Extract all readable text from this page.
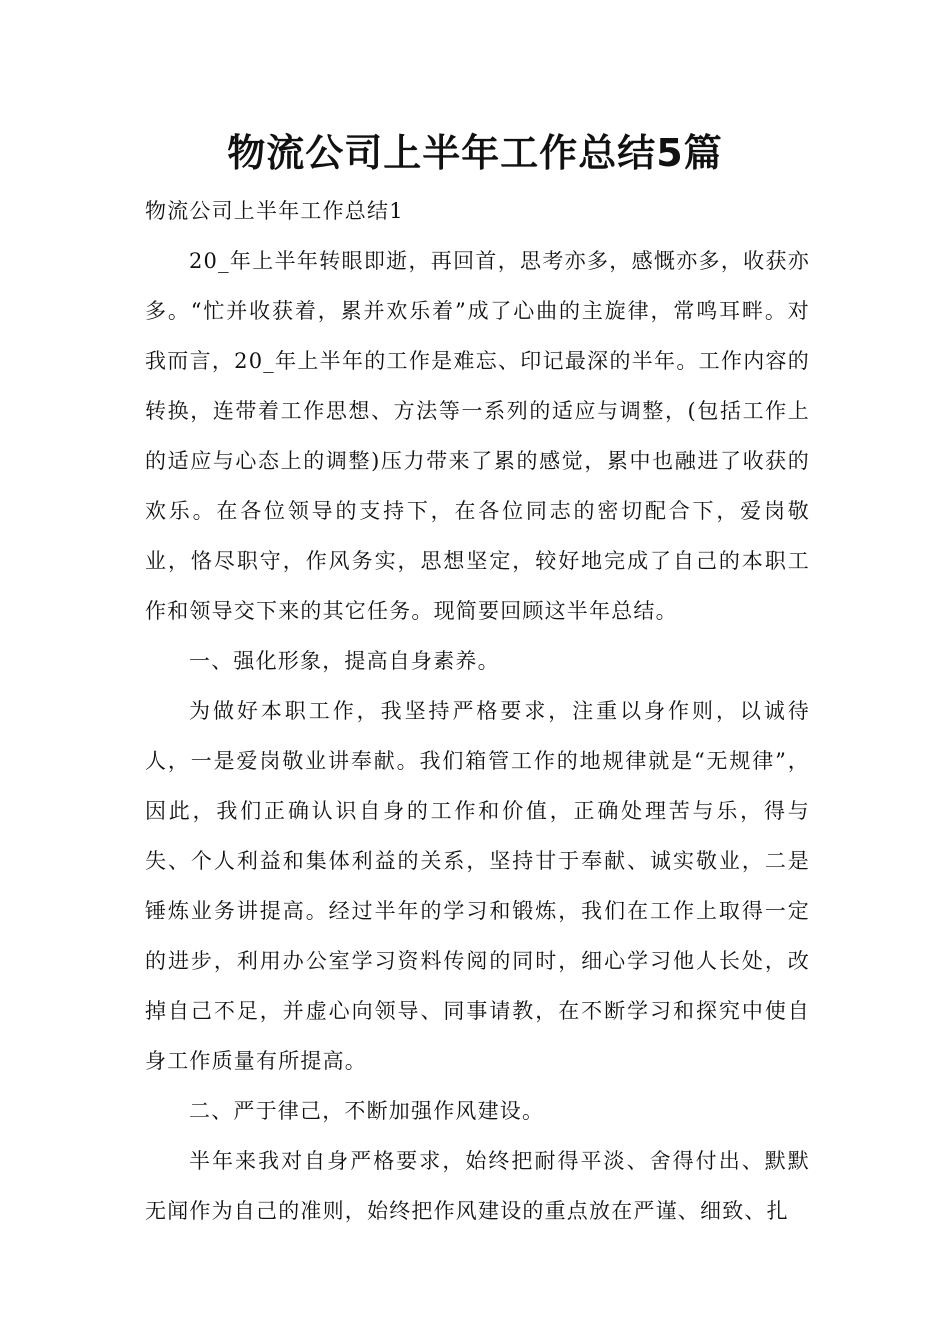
物流公司上半年工作总结5篇

物流公司上半年工作总结1

20_年上半年转眼即逝，再回首，思考亦多，感慨亦多，收获亦多。“忙并收获着，累并欢乐着”成了心曲的主旋律，常鸣耳畔。对我而言，20_年上半年的工作是难忘、印记最深的半年。工作内容的转换，连带着工作思想、方法等一系列的适应与调整，(包括工作上的适应与心态上的调整)压力带来了累的感觉，累中也融进了收获的欢乐。在各位领导的支持下，在各位同志的密切配合下，爱岗敬业，恪尽职守，作风务实，思想坚定，较好地完成了自己的本职工作和领导交下来的其它任务。现简要回顾这半年总结。

一、强化形象，提高自身素养。

为做好本职工作，我坚持严格要求，注重以身作则，以诚待人，一是爱岗敬业讲奉献。我们箱管工作的地规律就是“无规律”，因此，我们正确认识自身的工作和价值，正确处理苦与乐，得与失、个人利益和集体利益的关系，坚持甘于奉献、诚实敬业，二是锤炼业务讲提高。经过半年的学习和锻炼，我们在工作上取得一定的进步，利用办公室学习资料传阅的同时，细心学习他人长处，改掉自己不足，并虚心向领导、同事请教，在不断学习和探究中使自身工作质量有所提高。

二、严于律己，不断加强作风建设。

半年来我对自身严格要求，始终把耐得平淡、舍得付出、默默无闻作为自己的准则，始终把作风建设的重点放在严谨、细致、扎
